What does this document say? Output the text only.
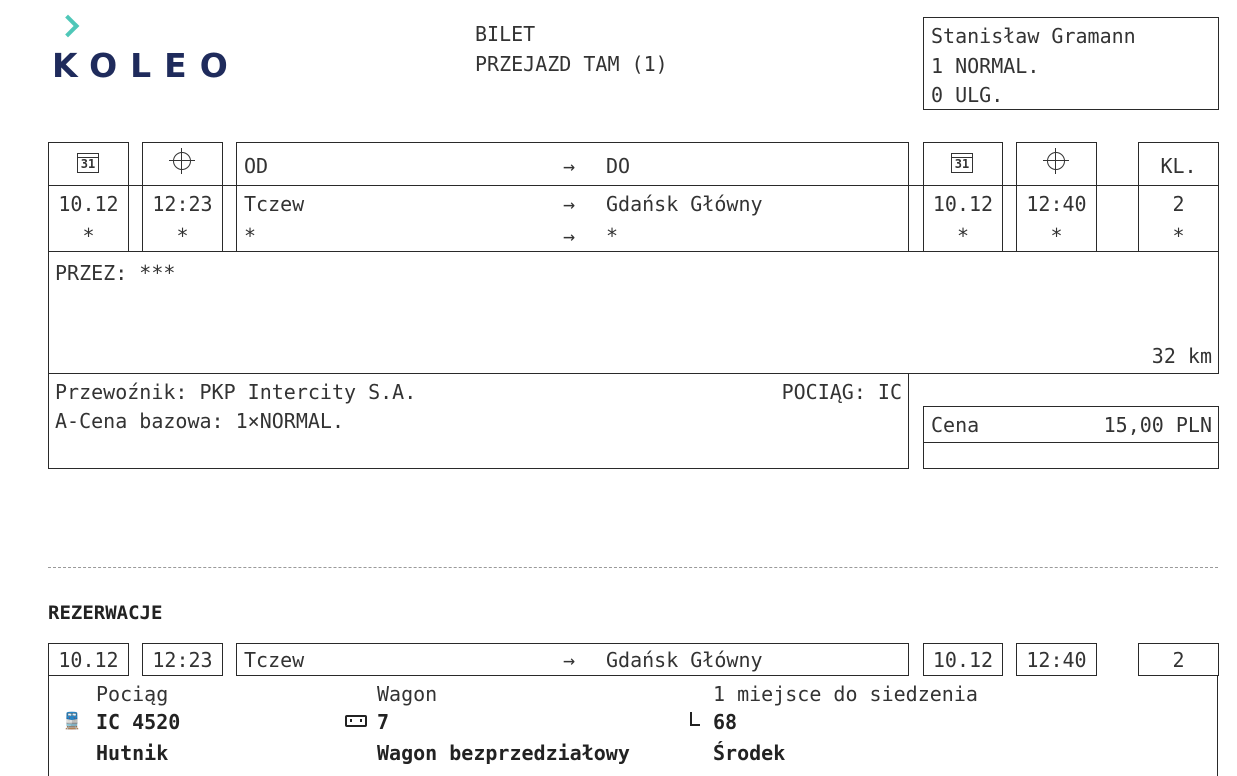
KOLEO
BILET
PRZEJAZD TAM (1)
Stanisław Gramann
1 NORMAL.
0 ULG.
31	OD	→ DO	31	KL.
10.12	12:23	Tczew	→ Gdańsk Główny	10.12	12:40	2
*	*	*	→ *	*	*	*
PRZEZ: ***
32 km
Przewoźnik: PKP Intercity S.A.	POCIĄG: IC
A-Cena bazowa: 1×NORMAL.	Cena	15,00 PLN
REZERWACJE
10.12	12:23	Tczew	→ Gdańsk Główny	10.12	12:40	2
Pociąg
🚆 IC 4520
Hutnik
Wagon
7
Wagon bezprzedziałowy
1 miejsce do siedzenia
68
Środek
